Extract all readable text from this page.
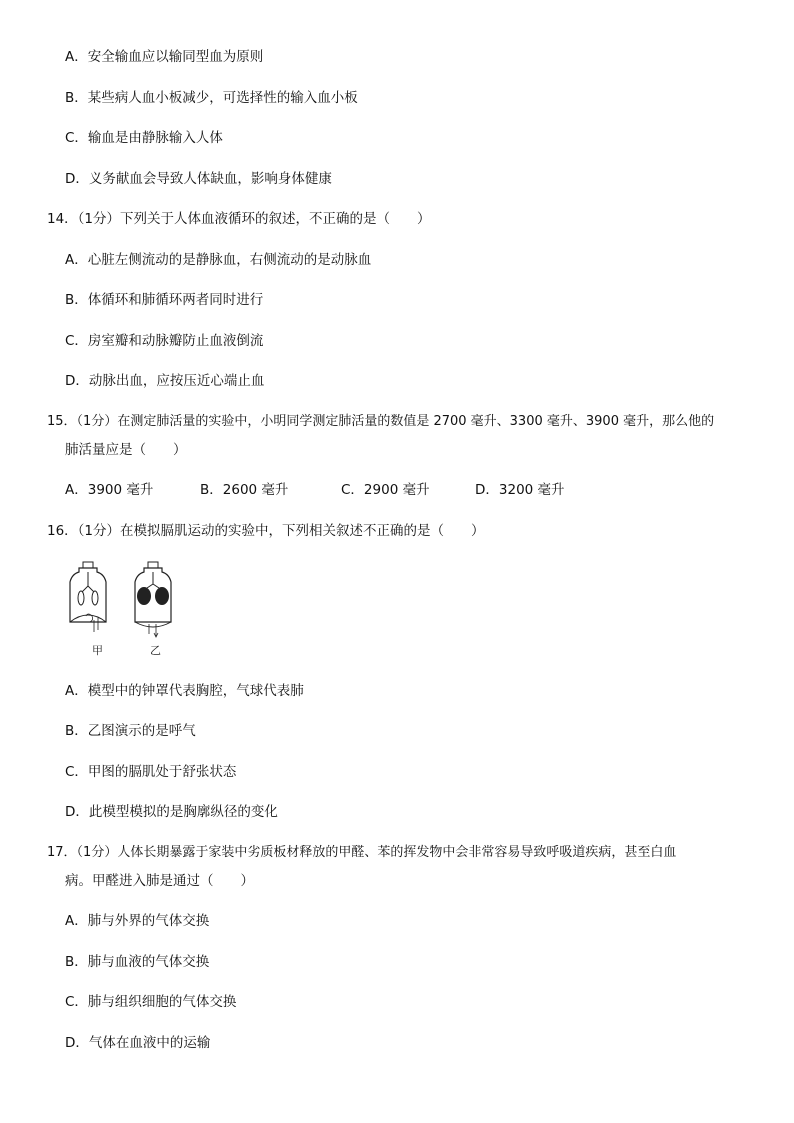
A．安全输血应以输同型血为原则
B．某些病人血小板减少，可选择性的输入血小板
C．输血是由静脉输入人体
D．义务献血会导致人体缺血，影响身体健康
14．（1分）下列关于人体血液循环的叙述，不正确的是（　　）
A．心脏左侧流动的是静脉血，右侧流动的是动脉血
B．体循环和肺循环两者同时进行
C．房室瓣和动脉瓣防止血液倒流
D．动脉出血，应按压近心端止血
15．（1分）在测定肺活量的实验中，小明同学测定肺活量的数值是 2700 毫升、3300 毫升、3900 毫升，那么他的
肺活量应是（　　）
A．3900 毫升	B．2600 毫升	C．2900 毫升	D．3200 毫升
16．（1分）在模拟膈肌运动的实验中，下列相关叙述不正确的是（　　）
甲	乙
A．模型中的钟罩代表胸腔，气球代表肺
B．乙图演示的是呼气
C．甲图的膈肌处于舒张状态
D．此模型模拟的是胸廓纵径的变化
17．（1分）人体长期暴露于家装中劣质板材释放的甲醛、苯的挥发物中会非常容易导致呼吸道疾病，甚至白血
病。甲醛进入肺是通过（　　）
A．肺与外界的气体交换
B．肺与血液的气体交换
C．肺与组织细胞的气体交换
D．气体在血液中的运输
